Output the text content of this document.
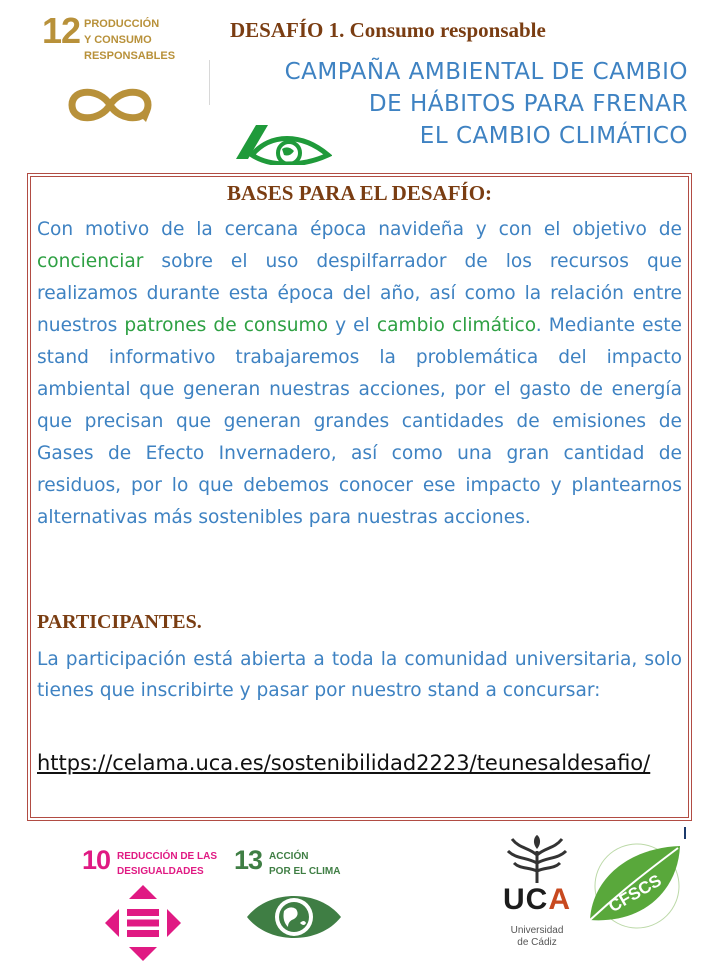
12 PRODUCCIÓN
Y CONSUMO
RESPONSABLES
DESAFÍO 1. Consumo responsable
CAMPAÑA AMBIENTAL DE CAMBIO
DE HÁBITOS PARA FRENAR
EL CAMBIO CLIMÁTICO
BASES PARA EL DESAFÍO:
Con motivo de la cercana época navideña y con el objetivo de concienciar sobre el uso despilfarrador de los recursos que realizamos durante esta época del año, así como la relación entre nuestros patrones de consumo y el cambio climático. Mediante este stand informativo trabajaremos la problemática del impacto ambiental que generan nuestras acciones, por el gasto de energía que precisan que generan grandes cantidades de emisiones de Gases de Efecto Invernadero, así como una gran cantidad de residuos, por lo que debemos conocer ese impacto y plantearnos alternativas más sostenibles para nuestras acciones.
PARTICIPANTES.
La participación está abierta a toda la comunidad universitaria, solo tienes que inscribirte y pasar por nuestro stand a concursar:
https://celama.uca.es/sostenibilidad2223/teunesaldesafio/
10 REDUCCIÓN DE LAS
DESIGUALDADES	13 ACCIÓN
POR EL CLIMA
UCA
Universidad
de Cádiz
CFSCS
